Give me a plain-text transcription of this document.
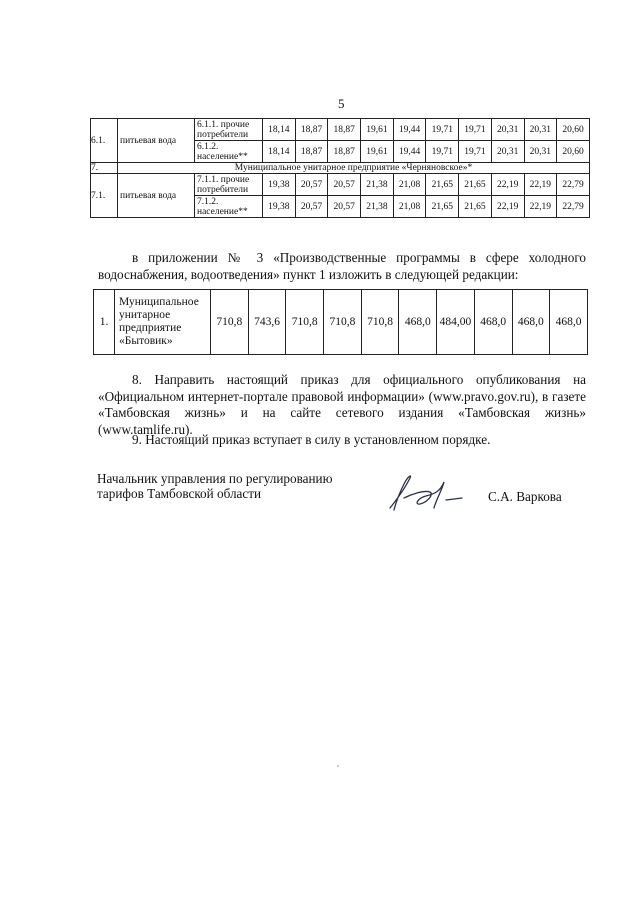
5
6.1.	питьевая вода	6.1.1. прочие потребители	18,14	18,87	18,87	19,61	19,44	19,71	19,71	20,31	20,31	20,60
		6.1.2. население**	18,14	18,87	18,87	19,61	19,44	19,71	19,71	20,31	20,31	20,60
7.	Муниципальное унитарное предприятие «Черняновское»*											
7.1.	питьевая вода	7.1.1. прочие потребители	19,38	20,57	20,57	21,38	21,08	21,65	21,65	22,19	22,19	22,79
		7.1.2. население**	19,38	20,57	20,57	21,38	21,08	21,65	21,65	22,19	22,19	22,79
в приложении № 3 «Производственные программы в сфере холодного водоснабжения, водоотведения» пункт 1 изложить в следующей редакции:
1.	Муниципальное унитарное предприятие «Бытовик»	710,8	743,6	710,8	710,8	710,8	468,0	484,00	468,0	468,0	468,0
8. Направить настоящий приказ для официального опубликования на «Официальном интернет-портале правовой информации» (www.pravo.gov.ru), в газете «Тамбовская жизнь» и на сайте сетевого издания «Тамбовская жизнь» (www.tamlife.ru).
9. Настоящий приказ вступает в силу в установленном порядке.
Начальник управления по регулированию
тарифов Тамбовской области	С.А. Варкова
